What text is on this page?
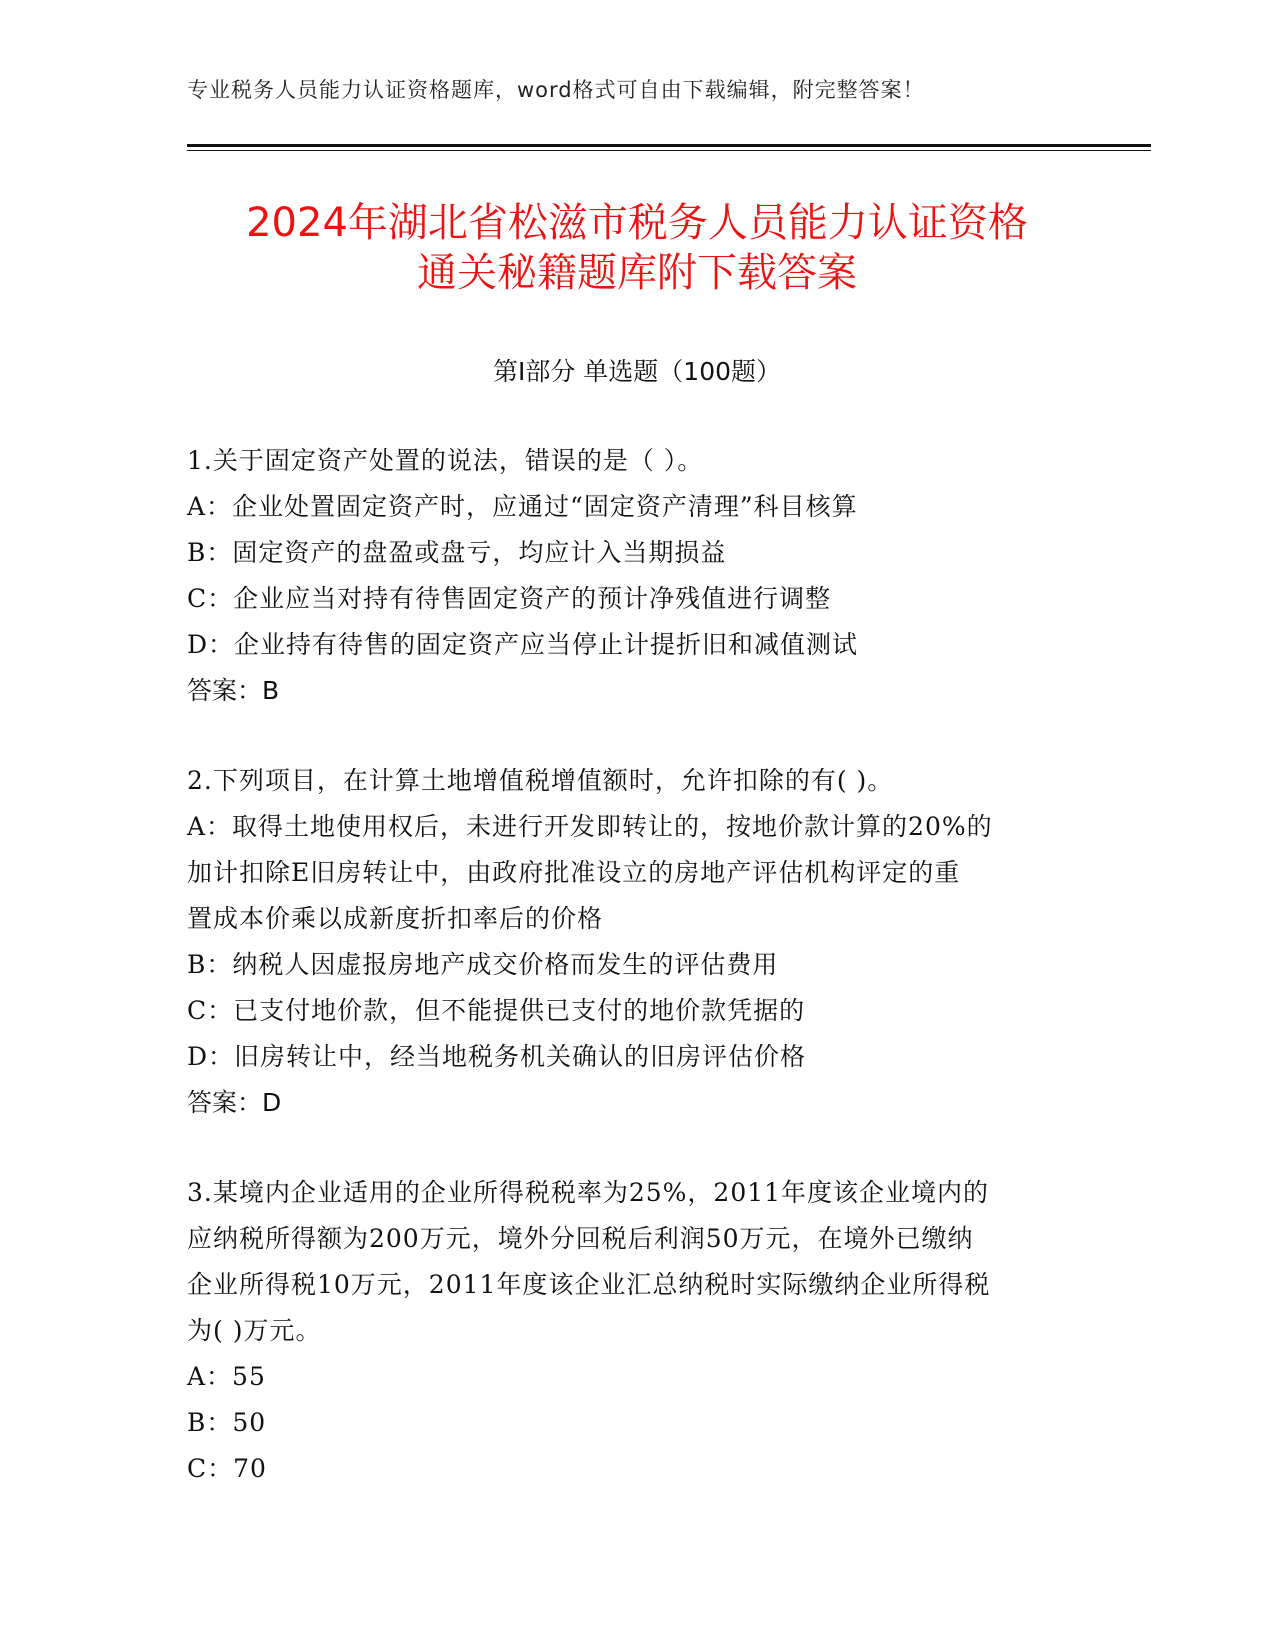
专业税务人员能力认证资格题库，word格式可自由下载编辑，附完整答案！
2024年湖北省松滋市税务人员能力认证资格
通关秘籍题库附下载答案
第Ⅰ部分 单选题（100题）
1.关于固定资产处置的说法，错误的是（ ）。
A：企业处置固定资产时，应通过“固定资产清理”科目核算
B：固定资产的盘盈或盘亏，均应计入当期损益
C：企业应当对持有待售固定资产的预计净残值进行调整
D：企业持有待售的固定资产应当停止计提折旧和减值测试
答案：B
2.下列项目，在计算土地增值税增值额时，允许扣除的有( )。
A：取得土地使用权后，未进行开发即转让的，按地价款计算的20%的
加计扣除E旧房转让中，由政府批准设立的房地产评估机构评定的重
置成本价乘以成新度折扣率后的价格
B：纳税人因虚报房地产成交价格而发生的评估费用
C：已支付地价款，但不能提供已支付的地价款凭据的
D：旧房转让中，经当地税务机关确认的旧房评估价格
答案：D
3.某境内企业适用的企业所得税税率为25%，2011年度该企业境内的
应纳税所得额为200万元，境外分回税后利润50万元，在境外已缴纳
企业所得税10万元，2011年度该企业汇总纳税时实际缴纳企业所得税
为( )万元。
A：55
B：50
C：70
